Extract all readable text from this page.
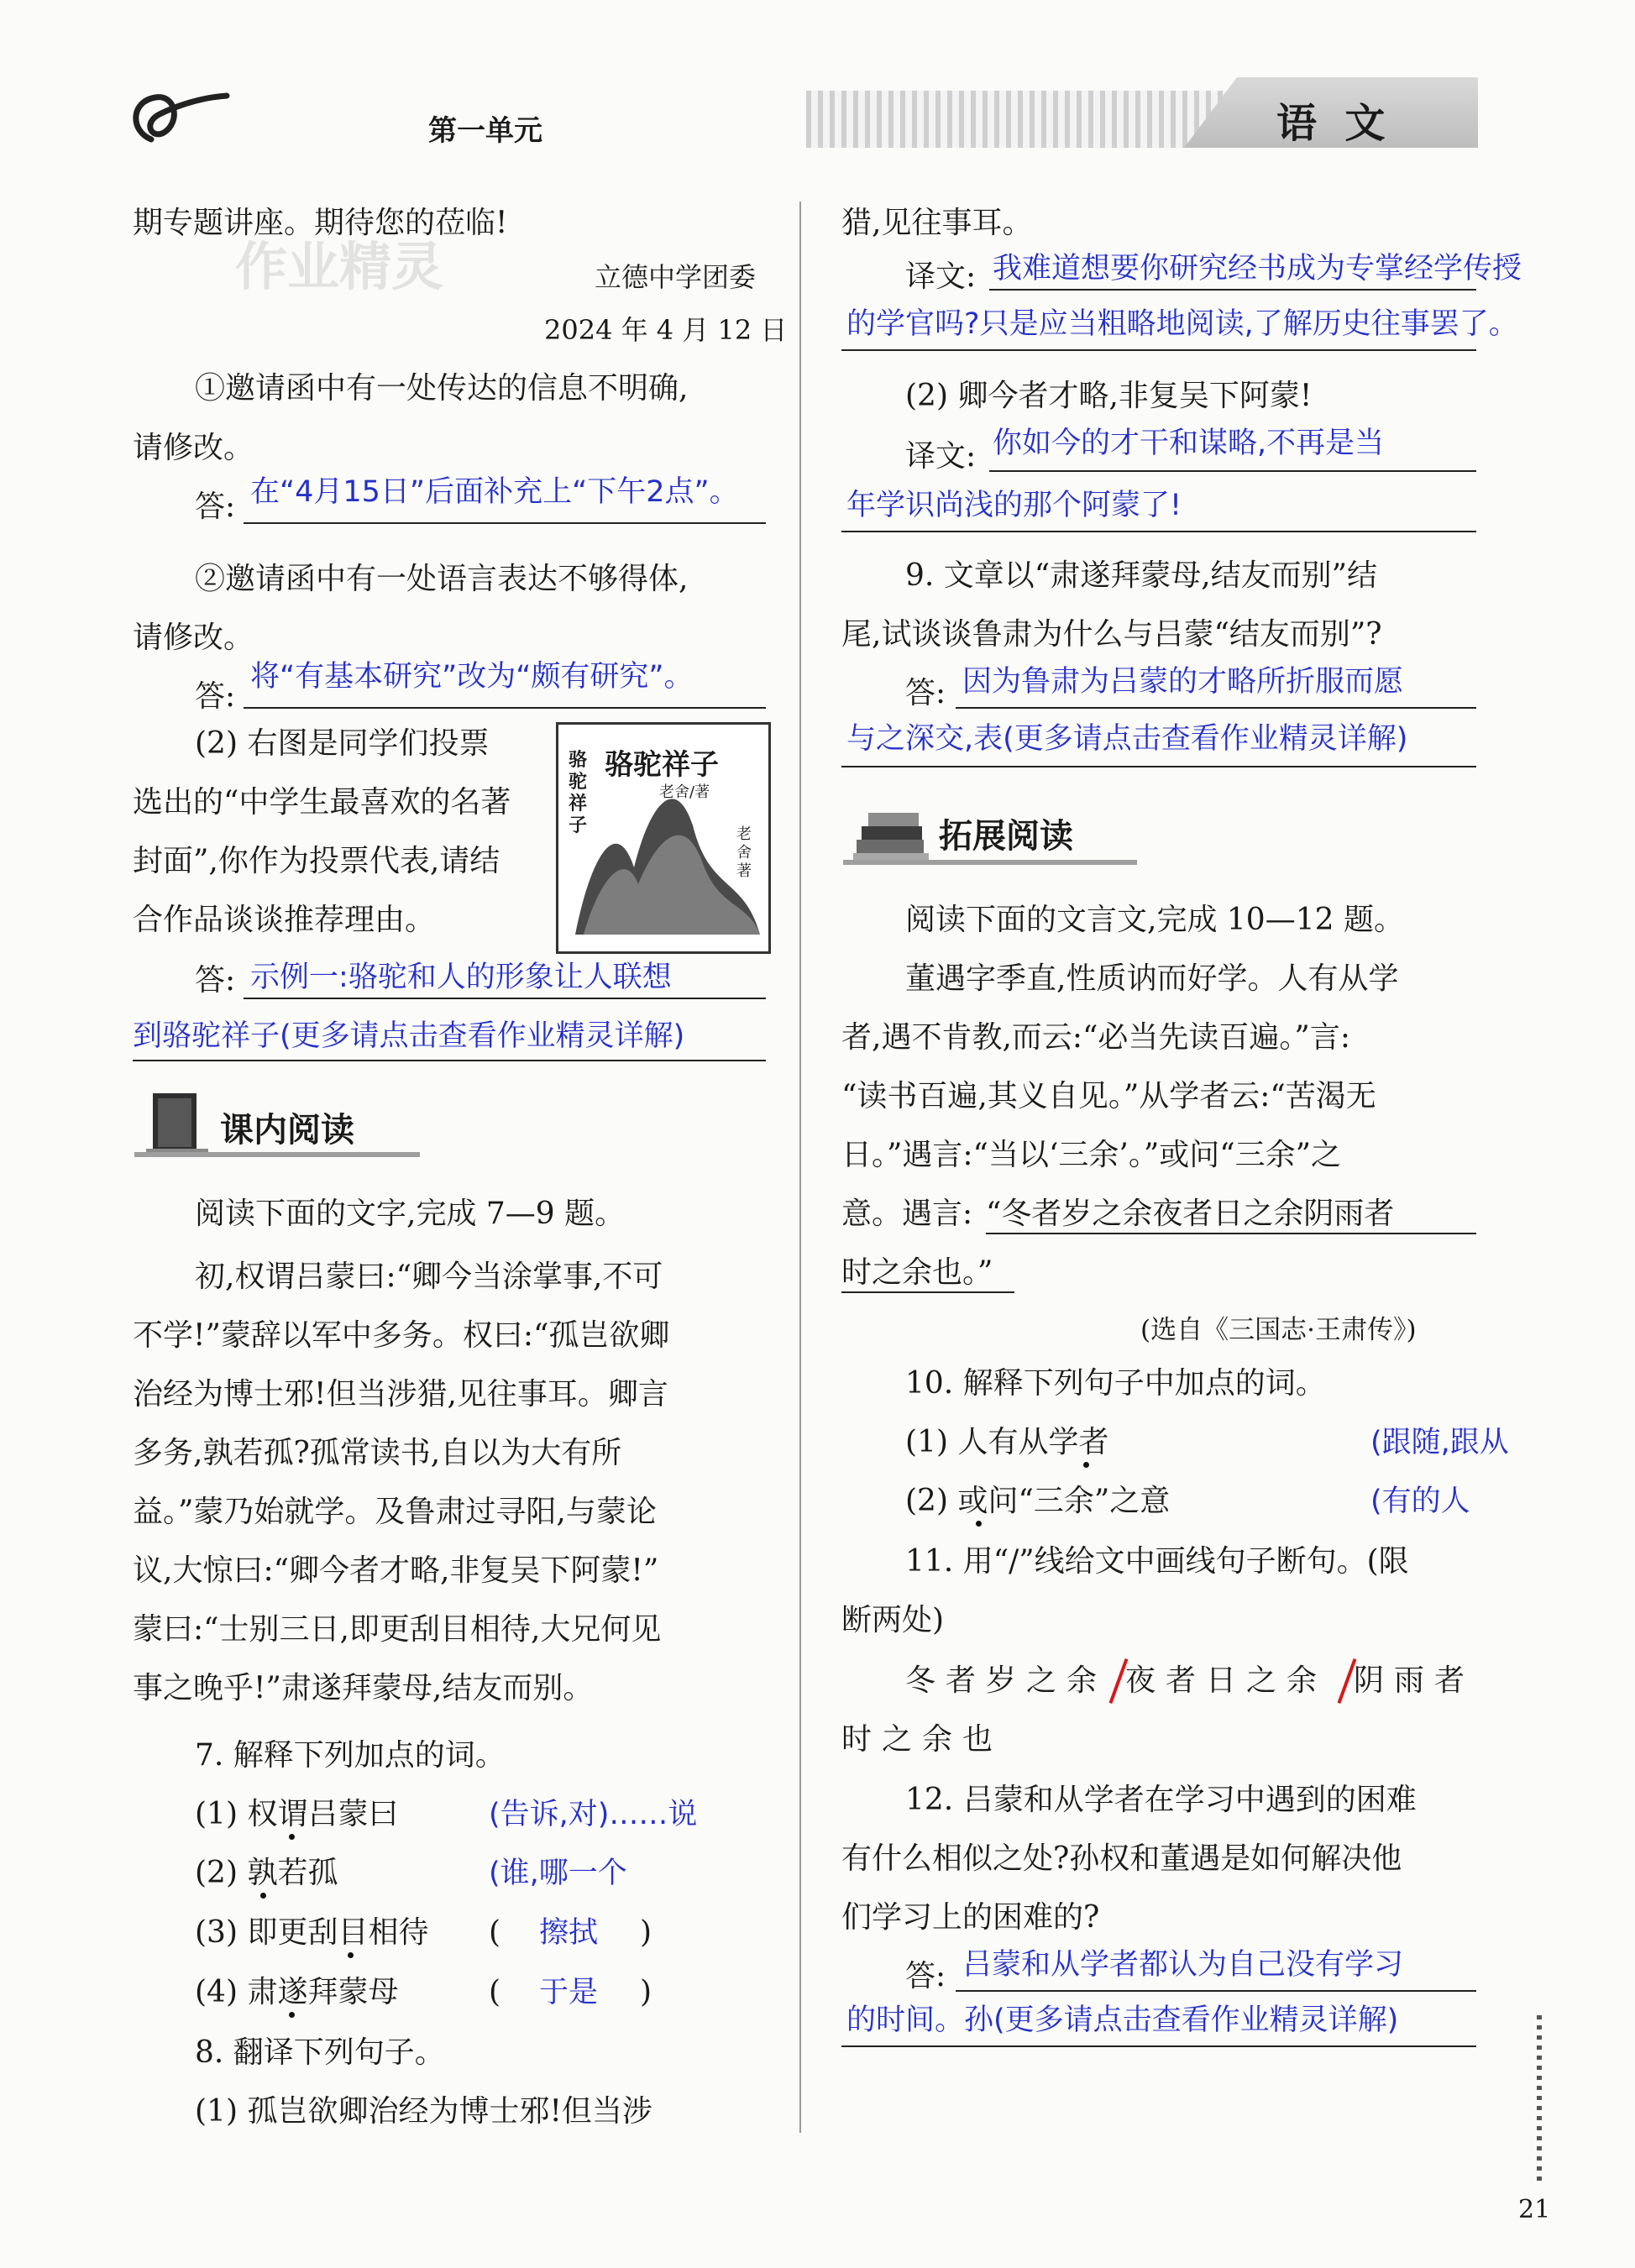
第一单元	语  文
作业精灵
期专题讲座。期待您的莅临!
立德中学团委
2024 年 4 月 12 日
①邀请函中有一处传达的信息不明确,
请修改。
答: 在“4月15日”后面补充上“下午2点”。
②邀请函中有一处语言表达不够得体,
请修改。
答:
将“有基本研究”改为“颇有研究”。
(2) 右图是同学们投票
选出的“中学生最喜欢的名著
封面”,你作为投票代表,请结
合作品谈谈推荐理由。
骆驼祥子
老舍/著
骆驼祥子	老舍著
答: 示例一:骆驼和人的形象让人联想
到骆驼祥子(更多请点击查看作业精灵详解)
课内阅读
阅读下面的文字,完成 7—9 题。
初,权谓吕蒙曰:“卿今当涂掌事,不可
不学!”蒙辞以军中多务。权曰:“孤岂欲卿
治经为博士邪!但当涉猎,见往事耳。卿言
多务,孰若孤?孤常读书,自以为大有所
益。”蒙乃始就学。及鲁肃过寻阳,与蒙论
议,大惊曰:“卿今者才略,非复吴下阿蒙!”
蒙曰:“士别三日,即更刮目相待,大兄何见
事之晚乎!”肃遂拜蒙母,结友而别。
7. 解释下列加点的词。
(1) 权谓吕蒙曰	(告诉,对)……说
(2) 孰若孤	(谁,哪一个
(3) 即更刮目相待 ( 擦拭 )
(4) 肃遂拜蒙母	( 于是 )
8. 翻译下列句子。
(1) 孤岂欲卿治经为博士邪!但当涉
猎,见往事耳。
译文: 我难道想要你研究经书成为专掌经学传授
的学官吗?只是应当粗略地阅读,了解历史往事罢了。
(2) 卿今者才略,非复吴下阿蒙!
译文: 你如今的才干和谋略,不再是当
年学识尚浅的那个阿蒙了!
9. 文章以“肃遂拜蒙母,结友而别”结
尾,试谈谈鲁肃为什么与吕蒙“结友而别”?
答: 因为鲁肃为吕蒙的才略所折服而愿
与之深交,表(更多请点击查看作业精灵详解)
拓展阅读
阅读下面的文言文,完成 10—12 题。
董遇字季直,性质讷而好学。人有从学
者,遇不肯教,而云:“必当先读百遍。”言:
“读书百遍,其义自见。”从学者云:“苦渴无
日。”遇言:“当以‘三余’。”或问“三余”之
意。遇言: “冬者岁之余夜者日之余阴雨者
时之余也。”
(选自《三国志·王肃传》)
10. 解释下列句子中加点的词。
(1) 人有从学者	(跟随,跟从
(2) 或问“三余”之意	(有的人
11. 用“/”线给文中画线句子断句。(限
断两处)
冬者岁之余 夜者日之余 阴雨者
时之余也
12. 吕蒙和从学者在学习中遇到的困难
有什么相似之处?孙权和董遇是如何解决他
们学习上的困难的?
答: 吕蒙和从学者都认为自己没有学习
的时间。孙(更多请点击查看作业精灵详解)
21
